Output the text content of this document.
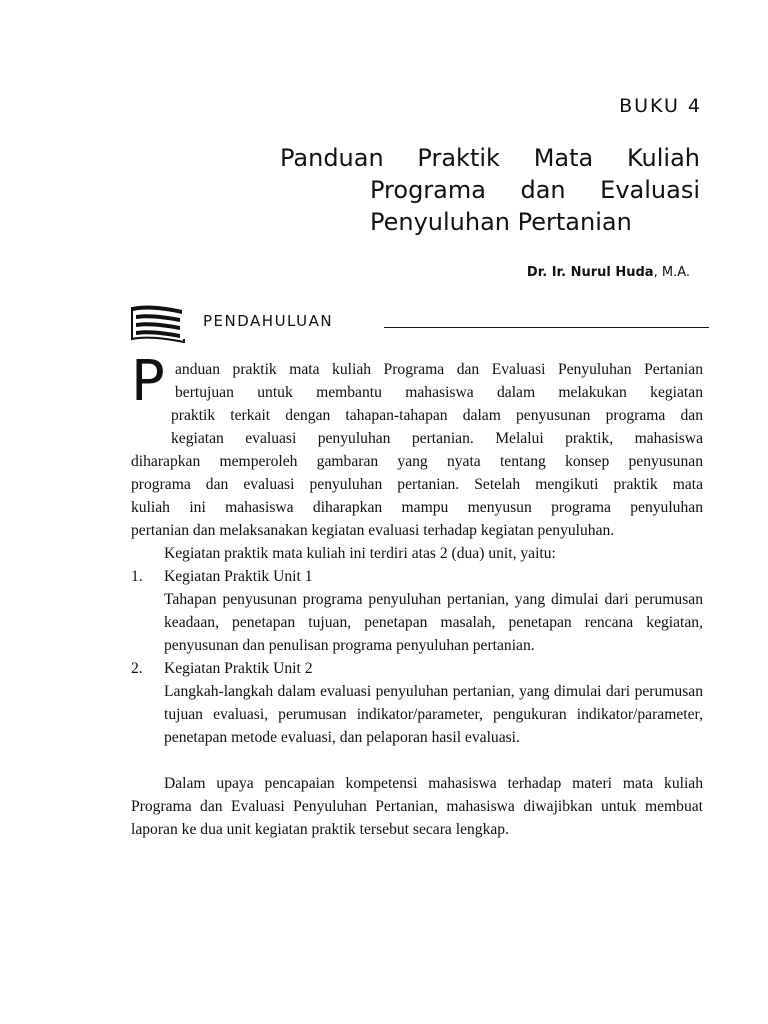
BUKU 4
Panduan Praktik Mata Kuliah
Programa dan Evaluasi
Penyuluhan Pertanian
Dr. Ir. Nurul Huda, M.A.
PENDAHULUAN
P anduan praktik mata kuliah Programa dan Evaluasi Penyuluhan Pertanian
bertujuan untuk membantu mahasiswa dalam melakukan kegiatan
praktik terkait dengan tahapan-tahapan dalam penyusunan programa dan
kegiatan evaluasi penyuluhan pertanian. Melalui praktik, mahasiswa
diharapkan memperoleh gambaran yang nyata tentang konsep penyusunan
programa dan evaluasi penyuluhan pertanian. Setelah mengikuti praktik mata
kuliah ini mahasiswa diharapkan mampu menyusun programa penyuluhan
pertanian dan melaksanakan kegiatan evaluasi terhadap kegiatan penyuluhan.
Kegiatan praktik mata kuliah ini terdiri atas 2 (dua) unit, yaitu:
1. Kegiatan Praktik Unit 1
Tahapan penyusunan programa penyuluhan pertanian, yang dimulai dari perumusan keadaan, penetapan tujuan, penetapan masalah, penetapan rencana kegiatan, penyusunan dan penulisan programa penyuluhan pertanian.
2. Kegiatan Praktik Unit 2
Langkah-langkah dalam evaluasi penyuluhan pertanian, yang dimulai dari perumusan tujuan evaluasi, perumusan indikator/parameter, pengukuran indikator/parameter, penetapan metode evaluasi, dan pelaporan hasil evaluasi.
Dalam upaya pencapaian kompetensi mahasiswa terhadap materi mata kuliah Programa dan Evaluasi Penyuluhan Pertanian, mahasiswa diwajibkan untuk membuat laporan ke dua unit kegiatan praktik tersebut secara lengkap.
